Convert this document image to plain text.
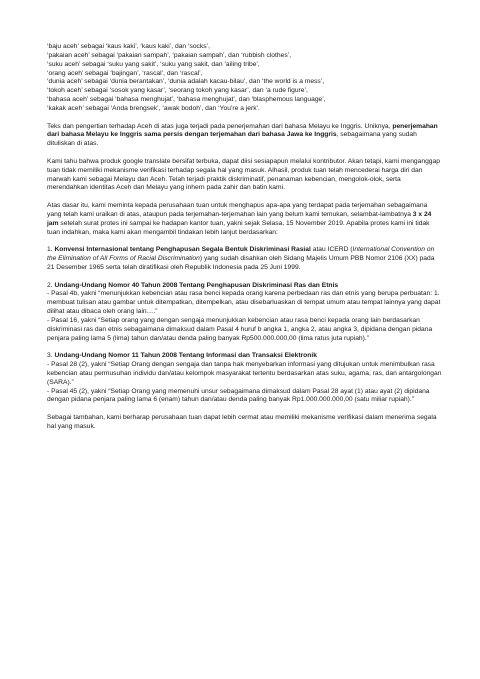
‘baju aceh’ sebagai ‘kaus kaki’, ‘kaus kaki’, dan ‘socks’,

‘pakaian aceh’ sebagai ‘pakaian sampah’, ‘pakaian sampah’, dan ‘rubbish clothes’,

‘suku aceh’ sebagai ‘suku yang sakit’, ‘suku yang sakit, dan ‘ailing tribe’,

‘orang aceh’ sebagai ‘bajingan’, ‘rascal’, dan ‘rascal’,

‘dunia aceh’ sebagai ‘dunia berantakan’, ‘dunia adalah kacau-bilau’, dan ‘the world is a mess’,

‘tokoh aceh’ sebagai ‘sosok yang kasar’, ‘seorang tokoh yang kasar’, dan ‘a rude figure’,

‘bahasa aceh’ sebagai ‘bahasa menghujat’, ‘bahasa menghujat’, dan ‘blasphemous language’,

‘kakak aceh’ sebagai ‘Anda brengsek’, ‘awak bodoh’, dan ‘You’re a jerk’.

Teks dan pengertian terhadap Aceh di atas juga terjadi pada penerjemahan dari bahasa Melayu ke Inggris. Uniknya, penerjemahan dari bahasa Melayu ke Inggris sama persis dengan terjemahan dari bahasa Jawa ke Inggris, sebagaimana yang sudah dituliskan di atas.

Kami tahu bahwa produk google translate bersifat terbuka, dapat diisi sesiapapun melalui kontributor. Akan tetapi, kami menganggap tuan tidak memiliki mekanisme verifikasi terhadap segala hal yang masuk. Alhasil, produk tuan telah mencederai harga diri dan marwah kami sebagai Melayu dan Aceh. Telah terjadi praktik diskriminatif, penanaman kebencian, mengolok-olok, serta merendahkan identitas Aceh dan Melayu yang inhern pada zahir dan batin kami.

Atas dasar itu, kami meminta kepada perusahaan tuan untuk menghapus apa-apa yang terdapat pada terjemahan sebagaimana yang telah kami uraikan di atas, ataupun pada terjemahan-terjemahan lain yang belum kami temukan, selambat-lambatnya 3 x 24 jam setelah surat protes ini sampai ke hadapan kantor tuan, yakni sejak Selasa, 15 November 2019. Apabila protes kami ini tidak tuan indahkan, maka kami akan mengambil tindakan lebih lanjut berdasarkan:

1. Konvensi Internasional tentang Penghapusan Segala Bentuk Diskriminasi Rasial atau ICERD (International Convention on the Elimination of All Forms of Racial Discrimination) yang sudah disahkan oleh Sidang Majelis Umum PBB Nomor 2106 (XX) pada 21 Desember 1965 serta telah diratifikasi oleh Republik Indonesia pada 25 Juni 1999.

2. Undang-Undang Nomor 40 Tahun 2008 Tentang Penghapusan Diskriminasi Ras dan Etnis

- Pasal 4b, yakni “menunjukkan kebencian atau rasa benci kepada orang karena perbedaan ras dan etnis yang berupa perbuatan: 1. membuat tulisan atau gambar untuk ditempatkan, ditempelkan, atau disebarluaskan di tempat umum atau tempat lainnya yang dapat dilihat atau dibaca oleh orang lain….”

- Pasal 16, yakni “Setiap orang yang dengan sengaja menunjukkan kebencian atau rasa benci kepada orang lain berdasarkan diskriminasi ras dan etnis sebagaimana dimaksud dalam Pasal 4 huruf b angka 1, angka 2, atau angka 3, dipidana dengan pidana penjara paling lama 5 (lima) tahun dan/atau denda paling banyak Rp500.000.000,00 (lima ratus juta rupiah).”

3. Undang-Undang Nomor 11 Tahun 2008 Tentang Informasi dan Transaksi Elektronik

- Pasal 28 (2), yakni “Setiap Orang dengan sengaja dan tanpa hak menyebarkan informasi yang ditujukan untuk menimbulkan rasa kebencian atau permusuhan individu dan/atau kelompok masyarakat tertentu berdasarkan atas suku, agama, ras, dan antargolongan (SARA).”

- Pasal 45 (2), yakni “Setiap Orang yang memenuhi unsur sebagaimana dimaksud dalam Pasal 28 ayat (1) atau ayat (2) dipidana dengan pidana penjara paling lama 6 (enam) tahun dan/atau denda paling banyak Rp1.000.000.000,00 (satu miliar rupiah).”

Sebagai tambahan, kami berharap perusahaan tuan dapat lebih cermat atau memiliki mekanisme verifikasi dalam menerima segala hal yang masuk.
